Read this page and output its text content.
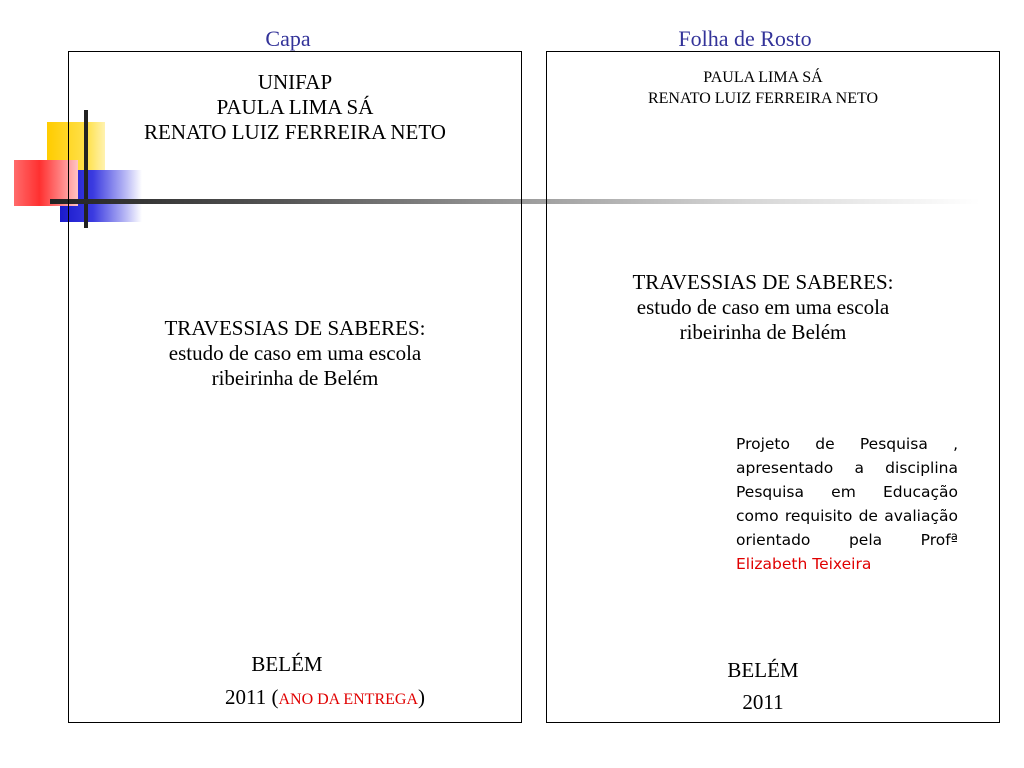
Capa	Folha de Rosto
UNIFAP
PAULA LIMA SÁ
RENATO LUIZ FERREIRA NETO
TRAVESSIAS DE SABERES:
estudo de caso em uma escola
ribeirinha de Belém
BELÉM
2011 (ANO DA ENTREGA)
PAULA LIMA SÁ
RENATO LUIZ FERREIRA NETO
TRAVESSIAS DE SABERES:
estudo de caso em uma escola
ribeirinha de Belém
BELÉM
2011
Projeto de Pesquisa , apresentado a disciplina Pesquisa em Educação como requisito de avaliação orientado pela Profª Elizabeth Teixeira
